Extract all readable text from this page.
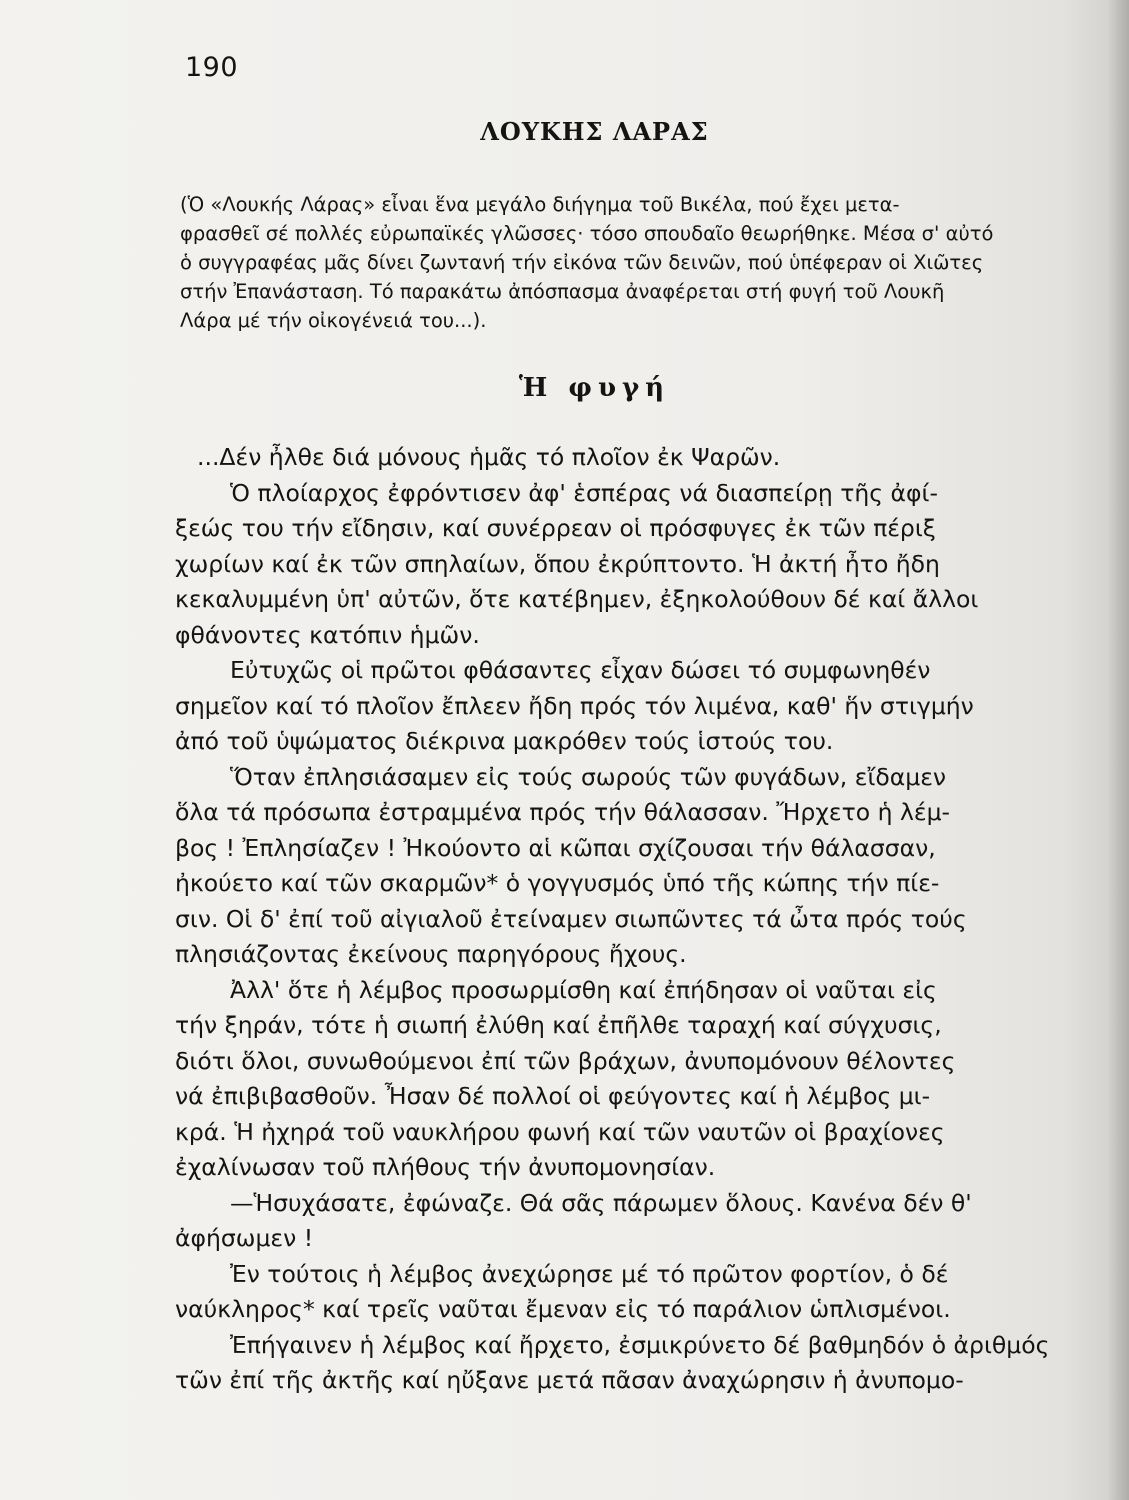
190
ΛΟΥΚΗΣ ΛΑΡΑΣ
(Ὁ «Λουκής Λάρας» εἶναι ἕνα μεγάλο διήγημα τοῦ Βικέλα, πού ἔχει μετα-
φρασθεῖ σέ πολλές εὐρωπαϊκές γλῶσσες· τόσο σπουδαῖο θεωρήθηκε. Μέσα σ' αὐτό
ὁ συγγραφέας μᾶς δίνει ζωντανή τήν εἰκόνα τῶν δεινῶν, πού ὑπέφεραν οἱ Χιῶτες
στήν Ἐπανάσταση. Τό παρακάτω ἀπόσπασμα ἀναφέρεται στή φυγή τοῦ Λουκῆ
Λάρα μέ τήν οἰκογένειά του...).
Ἡ φυγή
...Δέν ἦλθε διά μόνους ἡμᾶς τό πλοῖον ἐκ Ψαρῶν.
Ὁ πλοίαρχος ἐφρόντισεν ἀφ' ἑσπέρας νά διασπείρῃ τῆς ἀφί-
ξεώς του τήν εἴδησιν, καί συνέρρεαν οἱ πρόσφυγες ἐκ τῶν πέριξ
χωρίων καί ἐκ τῶν σπηλαίων, ὅπου ἐκρύπτοντο. Ἡ ἀκτή ἦτο ἤδη
κεκαλυμμένη ὑπ' αὐτῶν, ὅτε κατέβημεν, ἐξηκολούθουν δέ καί ἄλλοι
φθάνοντες κατόπιν ἡμῶν.
Εὐτυχῶς οἱ πρῶτοι φθάσαντες εἶχαν δώσει τό συμφωνηθέν
σημεῖον καί τό πλοῖον ἔπλεεν ἤδη πρός τόν λιμένα, καθ' ἥν στιγμήν
ἀπό τοῦ ὑψώματος διέκρινα μακρόθεν τούς ἱστούς του.
Ὅταν ἐπλησιάσαμεν εἰς τούς σωρούς τῶν φυγάδων, εἴδαμεν
ὅλα τά πρόσωπα ἐστραμμένα πρός τήν θάλασσαν. Ἤρχετο ἡ λέμ-
βος ! Ἐπλησίαζεν ! Ἠκούοντο αἱ κῶπαι σχίζουσαι τήν θάλασσαν,
ἠκούετο καί τῶν σκαρμῶν* ὁ γογγυσμός ὑπό τῆς κώπης τήν πίε-
σιν. Οἱ δ' ἐπί τοῦ αἰγιαλοῦ ἐτείναμεν σιωπῶντες τά ὦτα πρός τούς
πλησιάζοντας ἐκείνους παρηγόρους ἤχους.
Ἀλλ' ὅτε ἡ λέμβος προσωρμίσθη καί ἐπήδησαν οἱ ναῦται εἰς
τήν ξηράν, τότε ἡ σιωπή ἐλύθη καί ἐπῆλθε ταραχή καί σύγχυσις,
διότι ὅλοι, συνωθούμενοι ἐπί τῶν βράχων, ἀνυπομόνουν θέλοντες
νά ἐπιβιβασθοῦν. Ἦσαν δέ πολλοί οἱ φεύγοντες καί ἡ λέμβος μι-
κρά. Ἡ ἠχηρά τοῦ ναυκλήρου φωνή καί τῶν ναυτῶν οἱ βραχίονες
ἐχαλίνωσαν τοῦ πλήθους τήν ἀνυπομονησίαν.
—Ἡσυχάσατε, ἐφώναζε. Θά σᾶς πάρωμεν ὅλους. Κανένα δέν θ'
ἀφήσωμεν !
Ἐν τούτοις ἡ λέμβος ἀνεχώρησε μέ τό πρῶτον φορτίον, ὁ δέ
ναύκληρος* καί τρεῖς ναῦται ἔμεναν εἰς τό παράλιον ὡπλισμένοι.
Ἐπήγαινεν ἡ λέμβος καί ἤρχετο, ἐσμικρύνετο δέ βαθμηδόν ὁ ἀριθμός
τῶν ἐπί τῆς ἀκτῆς καί ηὔξανε μετά πᾶσαν ἀναχώρησιν ἡ ἀνυπομο-
